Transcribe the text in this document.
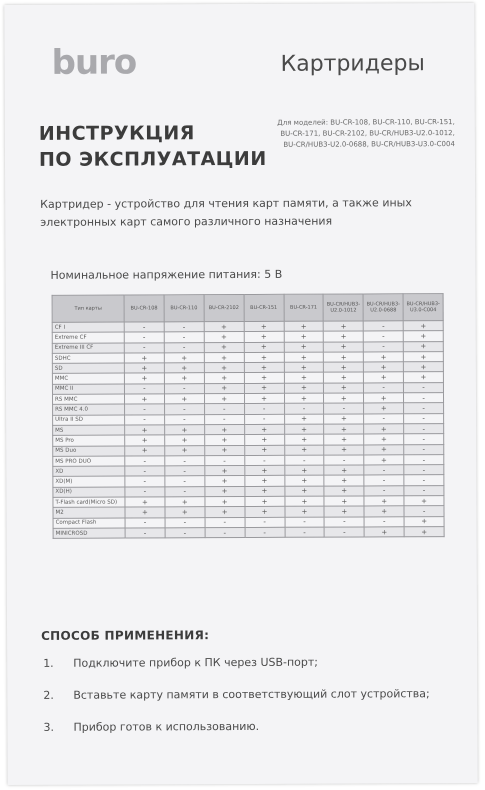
buro	Картридеры
ИНСТРУКЦИЯ
ПО ЭКСПЛУАТАЦИИ
Для моделей: BU-CR-108, BU-CR-110, BU-CR-151,
BU-CR-171, BU-CR-2102, BU-CR/HUB3-U2.0-1012,
BU-CR/HUB3-U2.0-0688, BU-CR/HUB3-U3.0-C004
Картридер - устройство для чтения карт памяти, а также иных
электронных карт самого различного назначения
Номинальное напряжение питания: 5 В
Тип карты	BU-CR-108	BU-CR-110	BU-CR-2102	BU-CR-151	BU-CR-171	BU-CR/HUB3-U2.0-1012	BU-CR/HUB3-U2.0-0688	BU-CR/HUB3-U3.0-C004
CF I	-	-	+	+	+	+	-	+
Extreme CF	-	-	+	+	+	+	-	+
Extreme III CF	-	-	+	+	+	+	-	+
SDHC	+	+	+	+	+	+	+	+
SD	+	+	+	+	+	+	+	+
MMC	+	+	+	+	+	+	+	+
MMC II	-	-	+	+	+	+	-	-
RS MMC	+	+	+	+	+	+	+	-
RS MMC 4.0	-	-	-	-	-	-	+	-
Ultra II SD	-	-	-	-	+	+	-	-
MS	+	+	+	+	+	+	+	-
MS Pro	+	+	+	+	+	+	+	-
MS Duo	+	+	+	+	+	+	+	-
MS PRO DUO	-	-	-	-	-	-	+	-
XD	-	-	+	+	+	+	-	-
XD(M)	-	-	+	+	+	+	-	-
XD(H)	-	-	+	+	+	+	-	-
T-Flash card(Micro SD)	+	+	+	+	+	+	+	+
M2	+	+	+	+	+	+	+	-
Compact Flash	-	-	-	-	-	-	-	+
MINICROSD	-	-	-	-	-	-	+	+
СПОСОБ ПРИМЕНЕНИЯ:
1.	Подключите прибор к ПК через USB-порт;
2.	Вставьте карту памяти в соответствующий слот устройства;
3.	Прибор готов к использованию.
